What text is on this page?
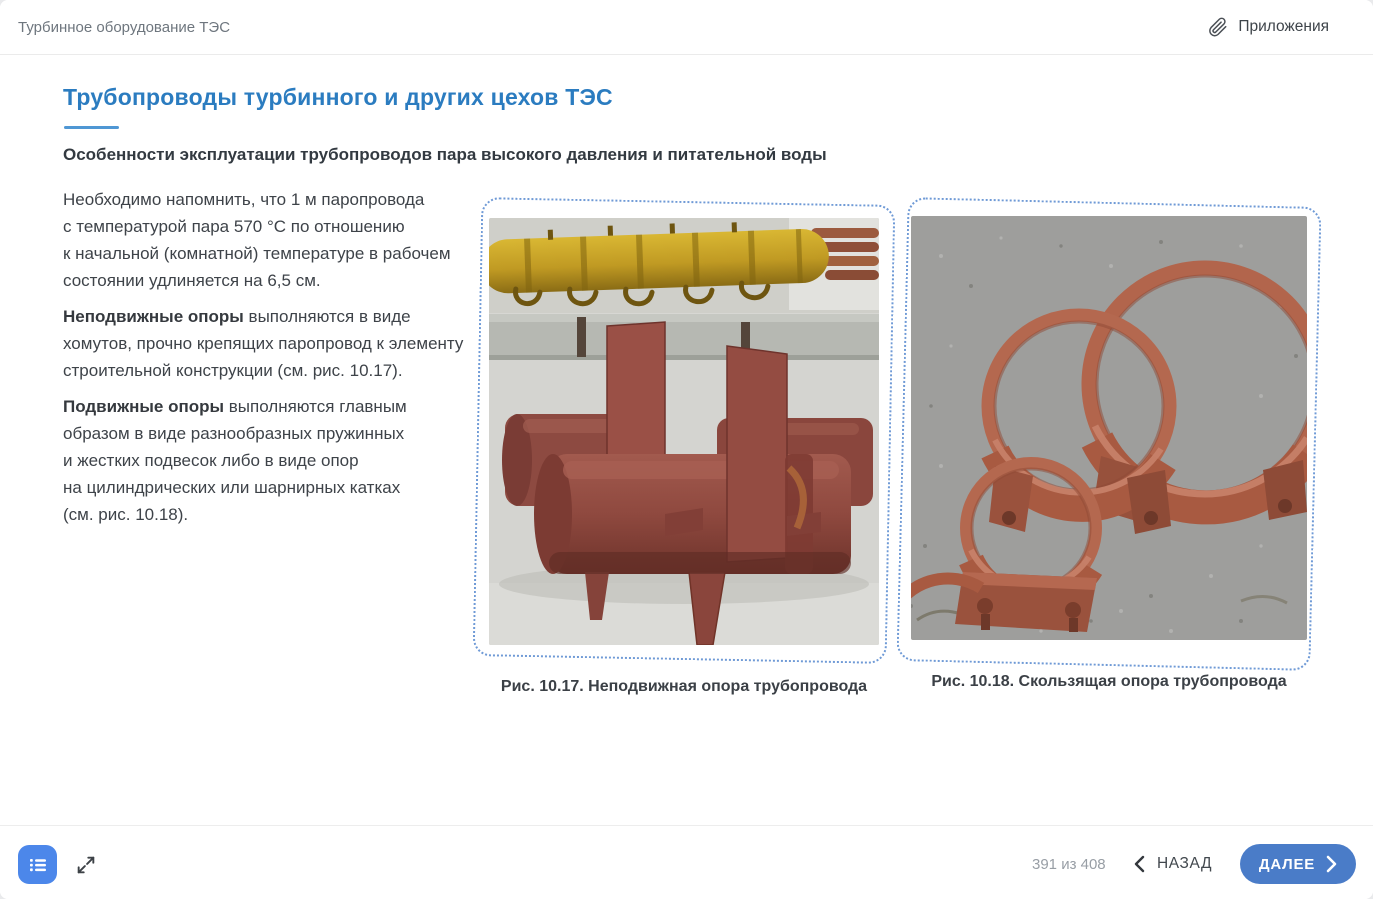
Турбинное оборудование ТЭС	Приложения
Трубопроводы турбинного и других цехов ТЭС
Особенности эксплуатации трубопроводов пара высокого давления и питательной воды

Необходимо напомнить, что 1 м паропровода с температурой пара 570 °С по отношению к начальной (комнатной) температуре в рабочем состоянии удлиняется на 6,5 см.

Неподвижные опоры выполняются в виде хомутов, прочно крепящих паропровод к элементу строительной конструкции (см. рис. 10.17).

Подвижные опоры выполняются главным образом в виде разнообразных пружинных и жестких подвесок либо в виде опор на цилиндрических или шарнирных катках (см. рис. 10.18).

Рис. 10.17. Неподвижная опора трубопровода	Рис. 10.18. Скользящая опора трубопровода
391 из 408	НАЗАД	ДАЛЕЕ
